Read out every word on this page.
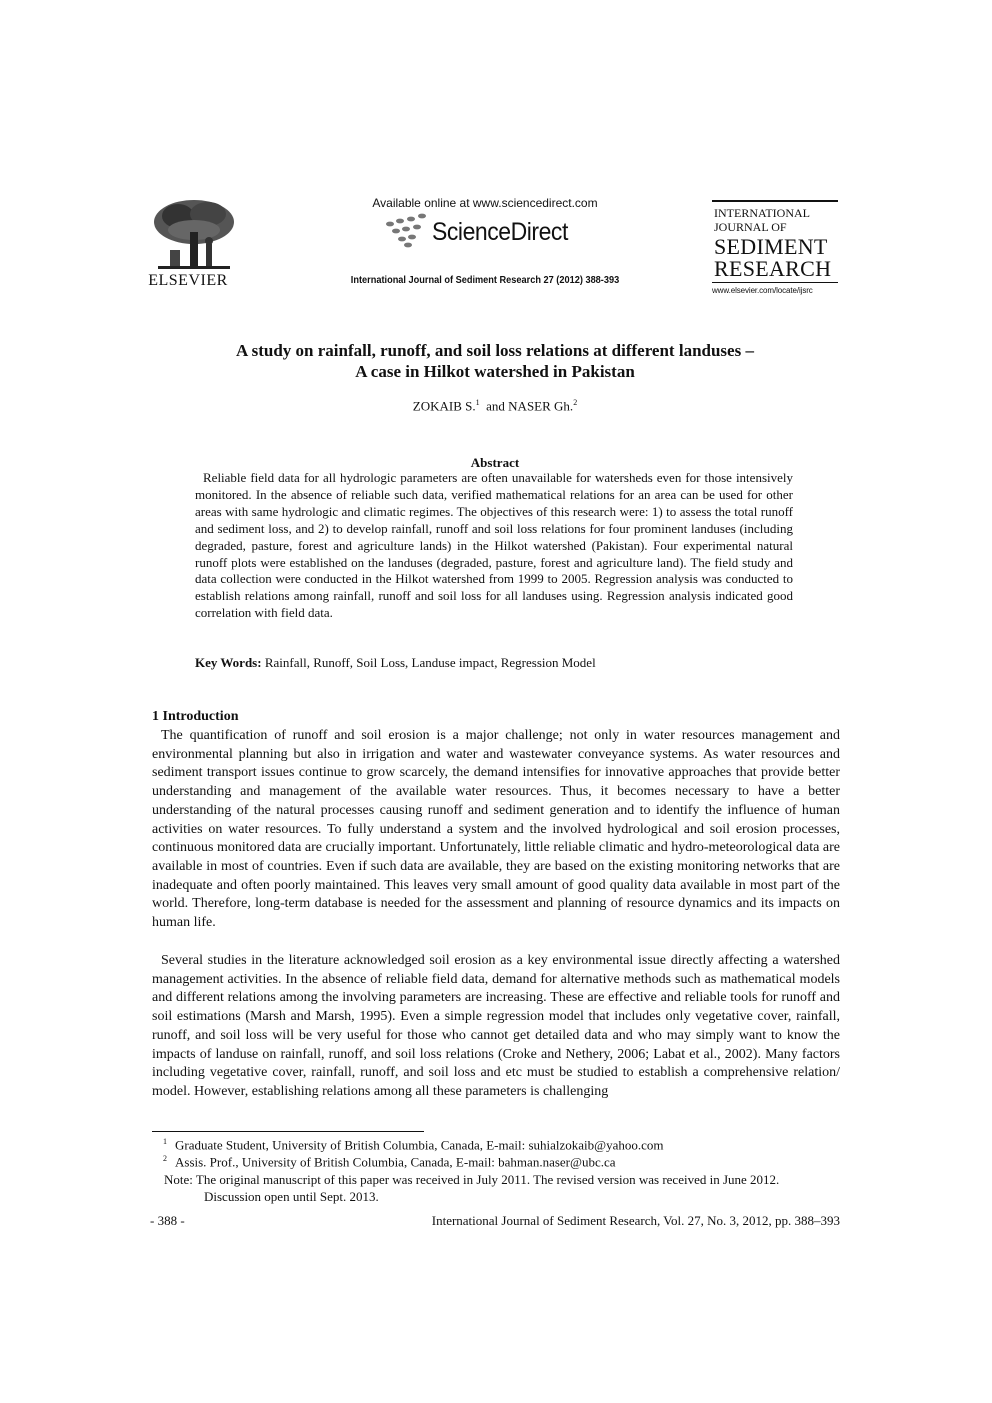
ELSEVIER
Available online at www.sciencedirect.com
ScienceDirect
International Journal of Sediment Research 27 (2012) 388-393
INTERNATIONAL
JOURNAL OF
SEDIMENT
RESEARCH
www.elsevier.com/locate/ijsrc
A study on rainfall, runoff, and soil loss relations at different landuses –
A case in Hilkot watershed in Pakistan
ZOKAIB S.$^1$ and NASER Gh.$^2$
Abstract
Reliable field data for all hydrologic parameters are often unavailable for watersheds even for those intensively monitored. In the absence of reliable such data, verified mathematical relations for an area can be used for other areas with same hydrologic and climatic regimes. The objectives of this research were: 1) to assess the total runoff and sediment loss, and 2) to develop rainfall, runoff and soil loss relations for four prominent landuses (including degraded, pasture, forest and agriculture lands) in the Hilkot watershed (Pakistan). Four experimental natural runoff plots were established on the landuses (degraded, pasture, forest and agriculture land). The field study and data collection were conducted in the Hilkot watershed from 1999 to 2005. Regression analysis was conducted to establish relations among rainfall, runoff and soil loss for all landuses using. Regression analysis indicated good correlation with field data.
Key Words: Rainfall, Runoff, Soil Loss, Landuse impact, Regression Model
1 Introduction
The quantification of runoff and soil erosion is a major challenge; not only in water resources management and environmental planning but also in irrigation and water and wastewater conveyance systems. As water resources and sediment transport issues continue to grow scarcely, the demand intensifies for innovative approaches that provide better understanding and management of the available water resources. Thus, it becomes necessary to have a better understanding of the natural processes causing runoff and sediment generation and to identify the influence of human activities on water resources. To fully understand a system and the involved hydrological and soil erosion processes, continuous monitored data are crucially important. Unfortunately, little reliable climatic and hydro-meteorological data are available in most of countries. Even if such data are available, they are based on the existing monitoring networks that are inadequate and often poorly maintained. This leaves very small amount of good quality data available in most part of the world. Therefore, long-term database is needed for the assessment and planning of resource dynamics and its impacts on human life.
Several studies in the literature acknowledged soil erosion as a key environmental issue directly affecting a watershed management activities. In the absence of reliable field data, demand for alternative methods such as mathematical models and different relations among the involving parameters are increasing. These are effective and reliable tools for runoff and soil estimations (Marsh and Marsh, 1995). Even a simple regression model that includes only vegetative cover, rainfall, runoff, and soil loss will be very useful for those who cannot get detailed data and who may simply want to know the impacts of landuse on rainfall, runoff, and soil loss relations (Croke and Nethery, 2006; Labat et al., 2002). Many factors including vegetative cover, rainfall, runoff, and soil loss and etc must be studied to establish a comprehensive relation/ model. However, establishing relations among all these parameters is challenging
$^1$ Graduate Student, University of British Columbia, Canada, E-mail: suhialzokaib@yahoo.com
$^2$ Assis. Prof., University of British Columbia, Canada, E-mail: bahman.naser@ubc.ca
Note: The original manuscript of this paper was received in July 2011. The revised version was received in June 2012. Discussion open until Sept. 2013.
- 388 -	International Journal of Sediment Research, Vol. 27, No. 3, 2012, pp. 388–393
